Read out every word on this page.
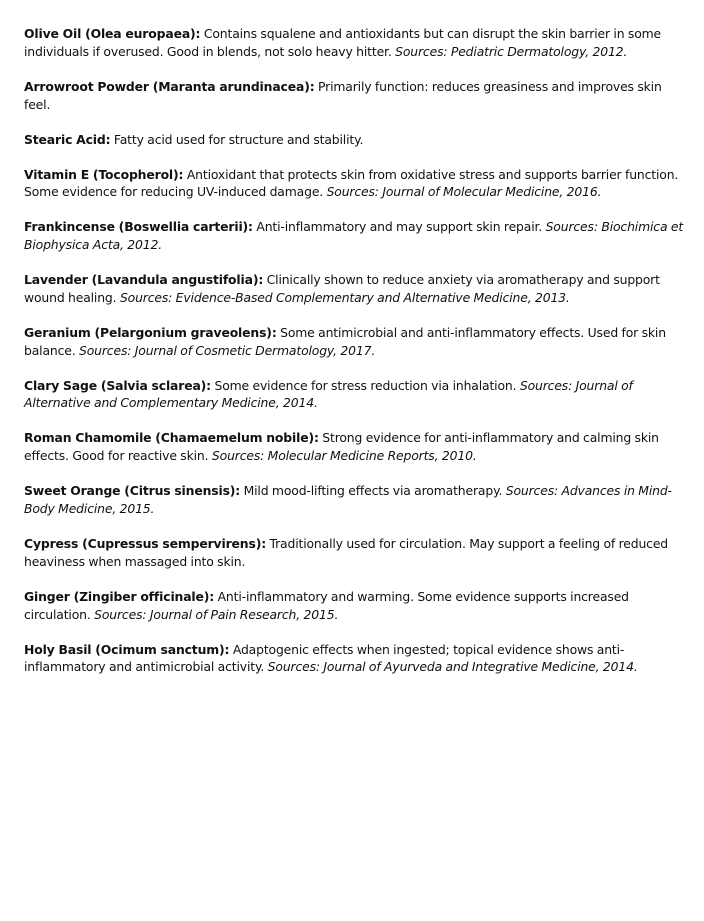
Olive Oil (Olea europaea): Contains squalene and antioxidants but can disrupt the skin barrier in some individuals if overused. Good in blends, not solo heavy hitter. Sources: Pediatric Dermatology, 2012.

Arrowroot Powder (Maranta arundinacea): Primarily function: reduces greasiness and improves skin feel.

Stearic Acid: Fatty acid used for structure and stability.

Vitamin E (Tocopherol): Antioxidant that protects skin from oxidative stress and supports barrier function. Some evidence for reducing UV-induced damage. Sources: Journal of Molecular Medicine, 2016.

Frankincense (Boswellia carterii): Anti-inflammatory and may support skin repair. Sources: Biochimica et Biophysica Acta, 2012.

Lavender (Lavandula angustifolia): Clinically shown to reduce anxiety via aromatherapy and support wound healing. Sources: Evidence-Based Complementary and Alternative Medicine, 2013.

Geranium (Pelargonium graveolens): Some antimicrobial and anti-inflammatory effects. Used for skin balance. Sources: Journal of Cosmetic Dermatology, 2017.

Clary Sage (Salvia sclarea): Some evidence for stress reduction via inhalation. Sources: Journal of Alternative and Complementary Medicine, 2014.

Roman Chamomile (Chamaemelum nobile): Strong evidence for anti-inflammatory and calming skin effects. Good for reactive skin. Sources: Molecular Medicine Reports, 2010.

Sweet Orange (Citrus sinensis): Mild mood-lifting effects via aromatherapy. Sources: Advances in Mind-Body Medicine, 2015.

Cypress (Cupressus sempervirens): Traditionally used for circulation. May support a feeling of reduced heaviness when massaged into skin.

Ginger (Zingiber officinale): Anti-inflammatory and warming. Some evidence supports increased circulation. Sources: Journal of Pain Research, 2015.

Holy Basil (Ocimum sanctum): Adaptogenic effects when ingested; topical evidence shows anti-inflammatory and antimicrobial activity. Sources: Journal of Ayurveda and Integrative Medicine, 2014.
